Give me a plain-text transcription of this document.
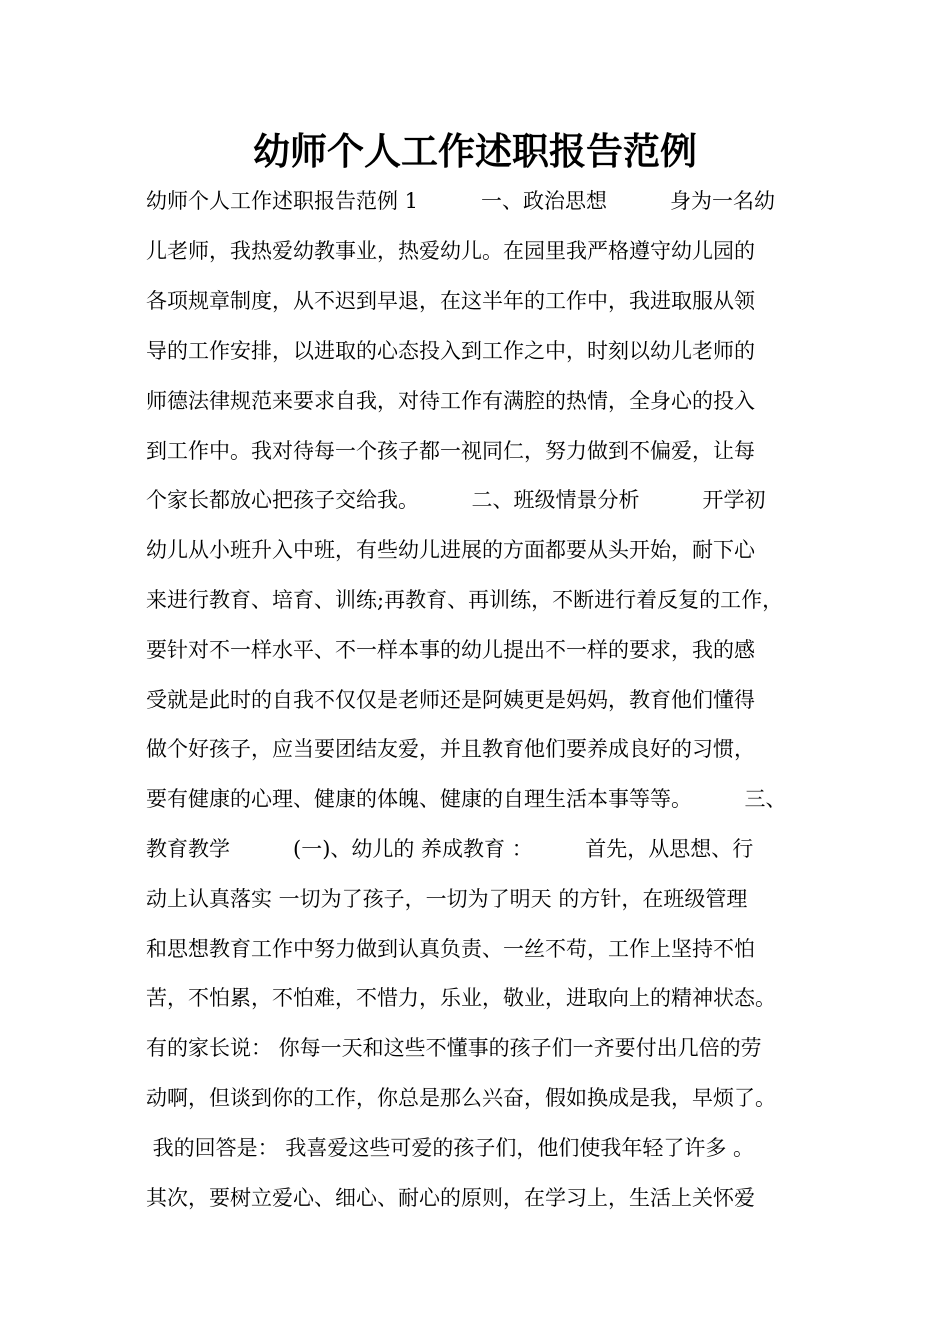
幼师个人工作述职报告范例
幼师个人工作述职报告范例 1　　　一、政治思想　　　身为一名幼
儿老师，我热爱幼教事业，热爱幼儿。在园里我严格遵守幼儿园的
各项规章制度，从不迟到早退，在这半年的工作中，我进取服从领
导的工作安排，以进取的心态投入到工作之中，时刻以幼儿老师的
师德法律规范来要求自我，对待工作有满腔的热情，全身心的投入
到工作中。我对待每一个孩子都一视同仁，努力做到不偏爱，让每
个家长都放心把孩子交给我。　　　二、班级情景分析　　　开学初
幼儿从小班升入中班，有些幼儿进展的方面都要从头开始，耐下心
来进行教育、培育、训练;再教育、再训练，不断进行着反复的工作，
要针对不一样水平、不一样本事的幼儿提出不一样的要求，我的感
受就是此时的自我不仅仅是老师还是阿姨更是妈妈，教育他们懂得
做个好孩子，应当要团结友爱，并且教育他们要养成良好的习惯，
要有健康的心理、健康的体魄、健康的自理生活本事等等。　　　三、
教育教学　　　(一)、幼儿的 养成教育 ：　　　首先，从思想、行
动上认真落实 一切为了孩子，一切为了明天 的方针，在班级管理
和思想教育工作中努力做到认真负责、一丝不苟，工作上坚持不怕
苦，不怕累，不怕难，不惜力，乐业，敬业，进取向上的精神状态。
有的家长说： 你每一天和这些不懂事的孩子们一齐要付出几倍的劳
动啊，但谈到你的工作，你总是那么兴奋，假如换成是我，早烦了。
我的回答是： 我喜爱这些可爱的孩子们，他们使我年轻了许多 。
其次，要树立爱心、细心、耐心的原则，在学习上，生活上关怀爱
